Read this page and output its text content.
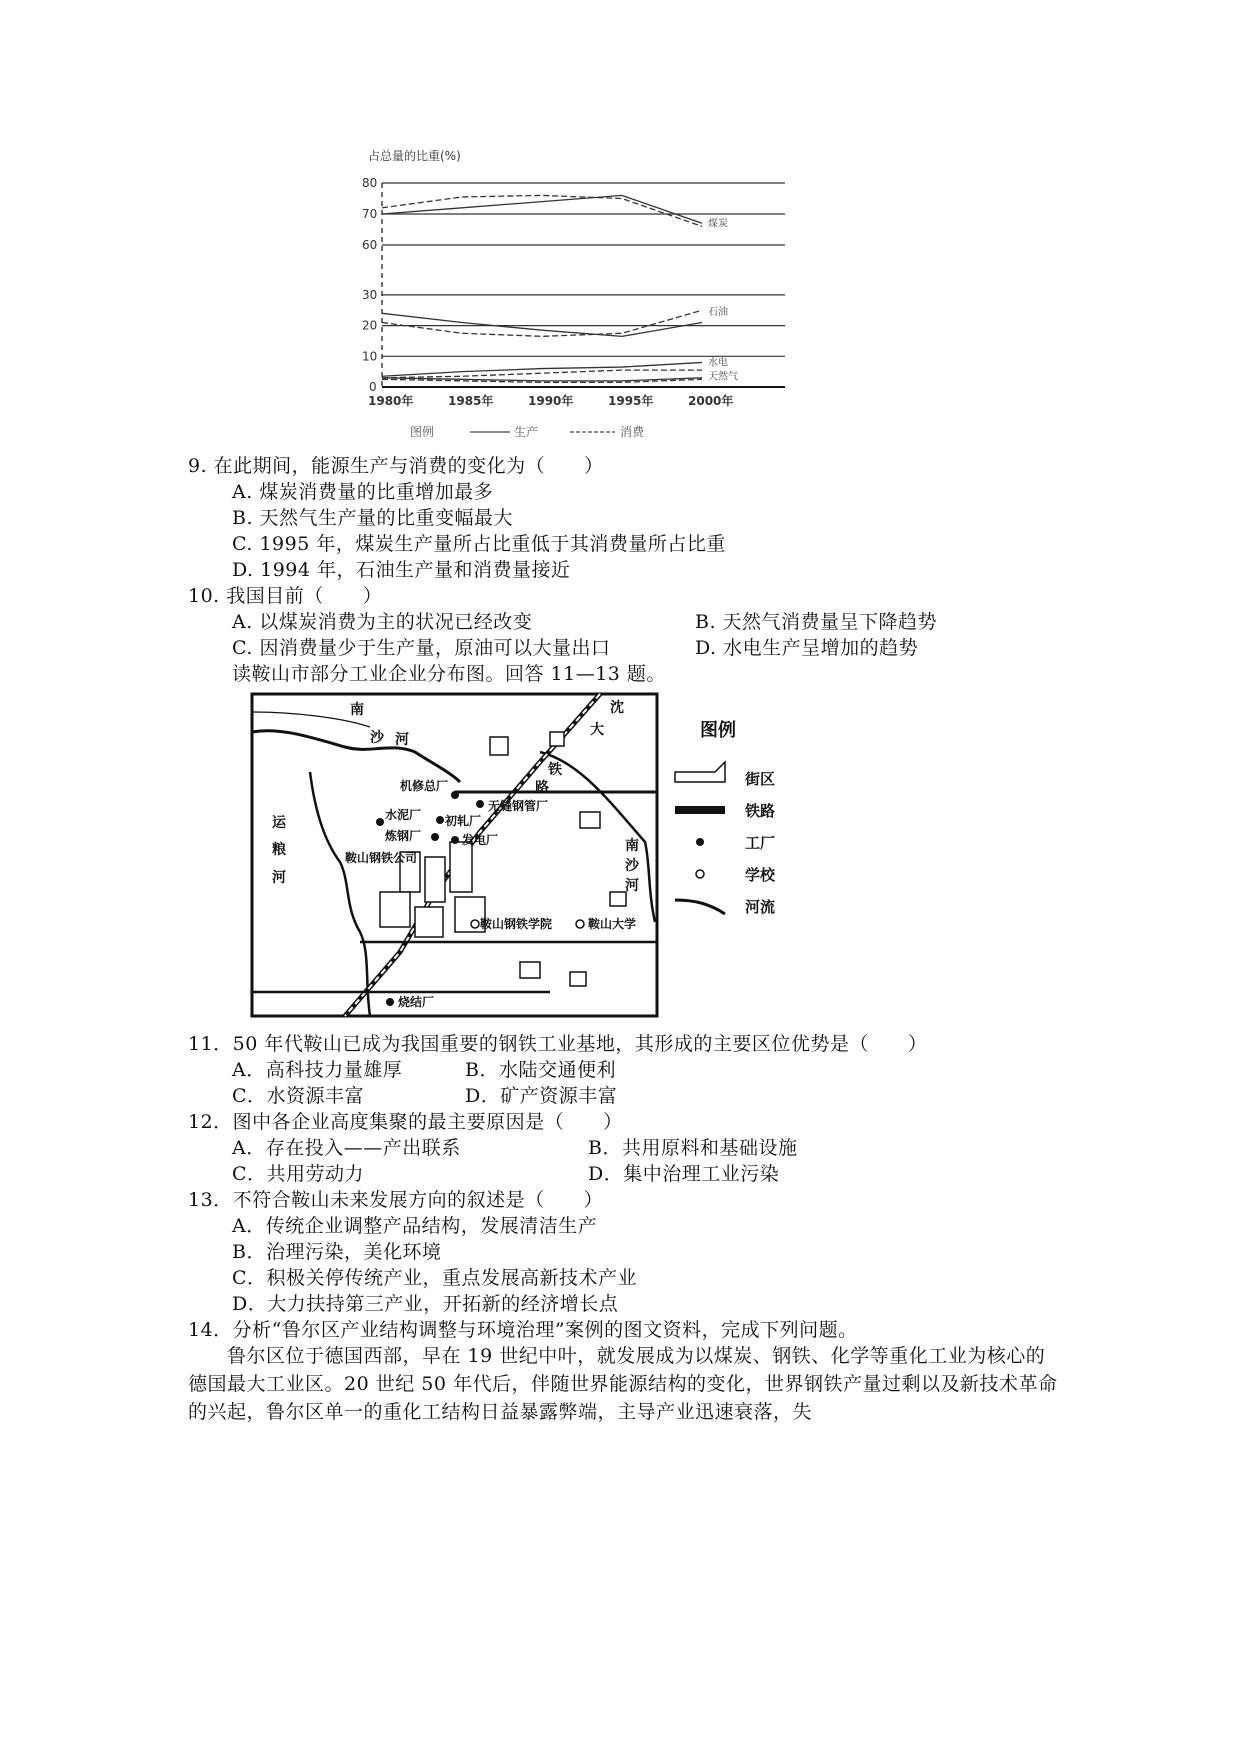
占总量的比重(%)
煤炭
石油
水电
天然气
80
70
60
30
20
10
0
1980年	1985年	1990年	1995年	2000年
图例	生产	消费
9. 在此期间，能源生产与消费的变化为（　　）
A. 煤炭消费量的比重增加最多
B. 天然气生产量的比重变幅最大
C. 1995 年，煤炭生产量所占比重低于其消费量所占比重
D. 1994 年，石油生产量和消费量接近
10. 我国目前（　　）
A. 以煤炭消费为主的状况已经改变	B. 天然气消费量呈下降趋势
C. 因消费量少于生产量，原油可以大量出口	D. 水电生产呈增加的趋势
读鞍山市部分工业企业分布图。回答 11—13 题。
南
沙 河
运
粮
河
沈
大
铁
路
南
沙
河
机修总厂
无缝钢管厂
水泥厂 初轧厂
炼钢厂	发电厂
鞍山钢铁公司
鞍山钢铁学院	鞍山大学
烧结厂
图例
街区
铁路
工厂
学校
河流
11．50 年代鞍山已成为我国重要的钢铁工业基地，其形成的主要区位优势是（　　）
A．高科技力量雄厚	B．水陆交通便利
C．水资源丰富	D．矿产资源丰富
12．图中各企业高度集聚的最主要原因是（　　）
A．存在投入——产出联系	B．共用原料和基础设施
C．共用劳动力	D．集中治理工业污染
13．不符合鞍山未来发展方向的叙述是（　　）
A．传统企业调整产品结构，发展清洁生产
B．治理污染，美化环境
C．积极关停传统产业，重点发展高新技术产业
D．大力扶持第三产业，开拓新的经济增长点
14．分析“鲁尔区产业结构调整与环境治理”案例的图文资料，完成下列问题。
　　鲁尔区位于德国西部，早在 19 世纪中叶，就发展成为以煤炭、钢铁、化学等重化工业为核心的德国最大工业区。20 世纪 50 年代后，伴随世界能源结构的变化，世界钢铁产量过剩以及新技术革命的兴起，鲁尔区单一的重化工结构日益暴露弊端，主导产业迅速衰落，失
